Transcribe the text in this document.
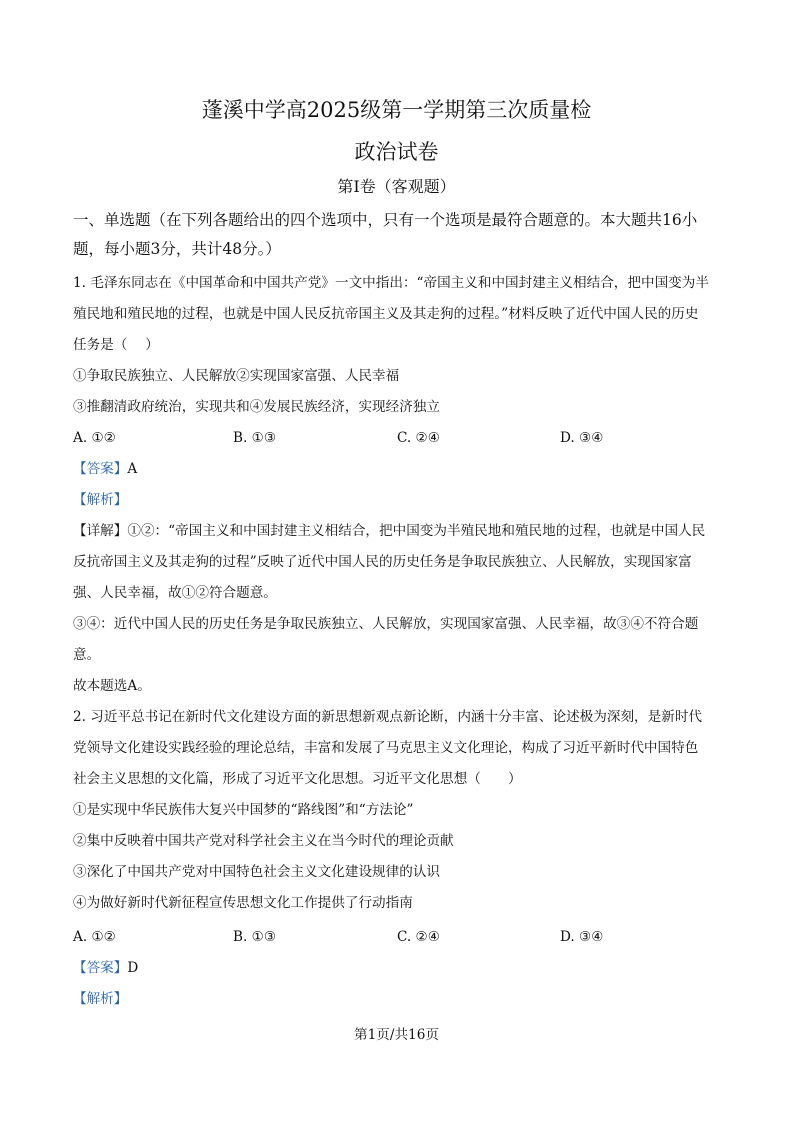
蓬溪中学高2025级第一学期第三次质量检
政治试卷
第I卷（客观题）
一、单选题（在下列各题给出的四个选项中，只有一个选项是最符合题意的。本大题共16小
题，每小题3分，共计48分。）
1. 毛泽东同志在《中国革命和中国共产党》一文中指出：“帝国主义和中国封建主义相结合，把中国变为半
殖民地和殖民地的过程，也就是中国人民反抗帝国主义及其走狗的过程。”材料反映了近代中国人民的历史
任务是（　 ）
①争取民族独立、人民解放②实现国家富强、人民幸福
③推翻清政府统治，实现共和④发展民族经济，实现经济独立
A. ①②	B. ①③	C. ②④	D. ③④
【答案】A
【解析】
【详解】①②：“帝国主义和中国封建主义相结合，把中国变为半殖民地和殖民地的过程，也就是中国人民
反抗帝国主义及其走狗的过程”反映了近代中国人民的历史任务是争取民族独立、人民解放，实现国家富
强、人民幸福，故①②符合题意。
③④：近代中国人民的历史任务是争取民族独立、人民解放，实现国家富强、人民幸福，故③④不符合题
意。
故本题选A。
2. 习近平总书记在新时代文化建设方面的新思想新观点新论断，内涵十分丰富、论述极为深刻，是新时代
党领导文化建设实践经验的理论总结，丰富和发展了马克思主义文化理论，构成了习近平新时代中国特色
社会主义思想的文化篇，形成了习近平文化思想。习近平文化思想（　　）
①是实现中华民族伟大复兴中国梦的“路线图”和“方法论”
②集中反映着中国共产党对科学社会主义在当今时代的理论贡献
③深化了中国共产党对中国特色社会主义文化建设规律的认识
④为做好新时代新征程宣传思想文化工作提供了行动指南
A. ①②	B. ①③	C. ②④	D. ③④
【答案】D
【解析】
第1页/共16页
